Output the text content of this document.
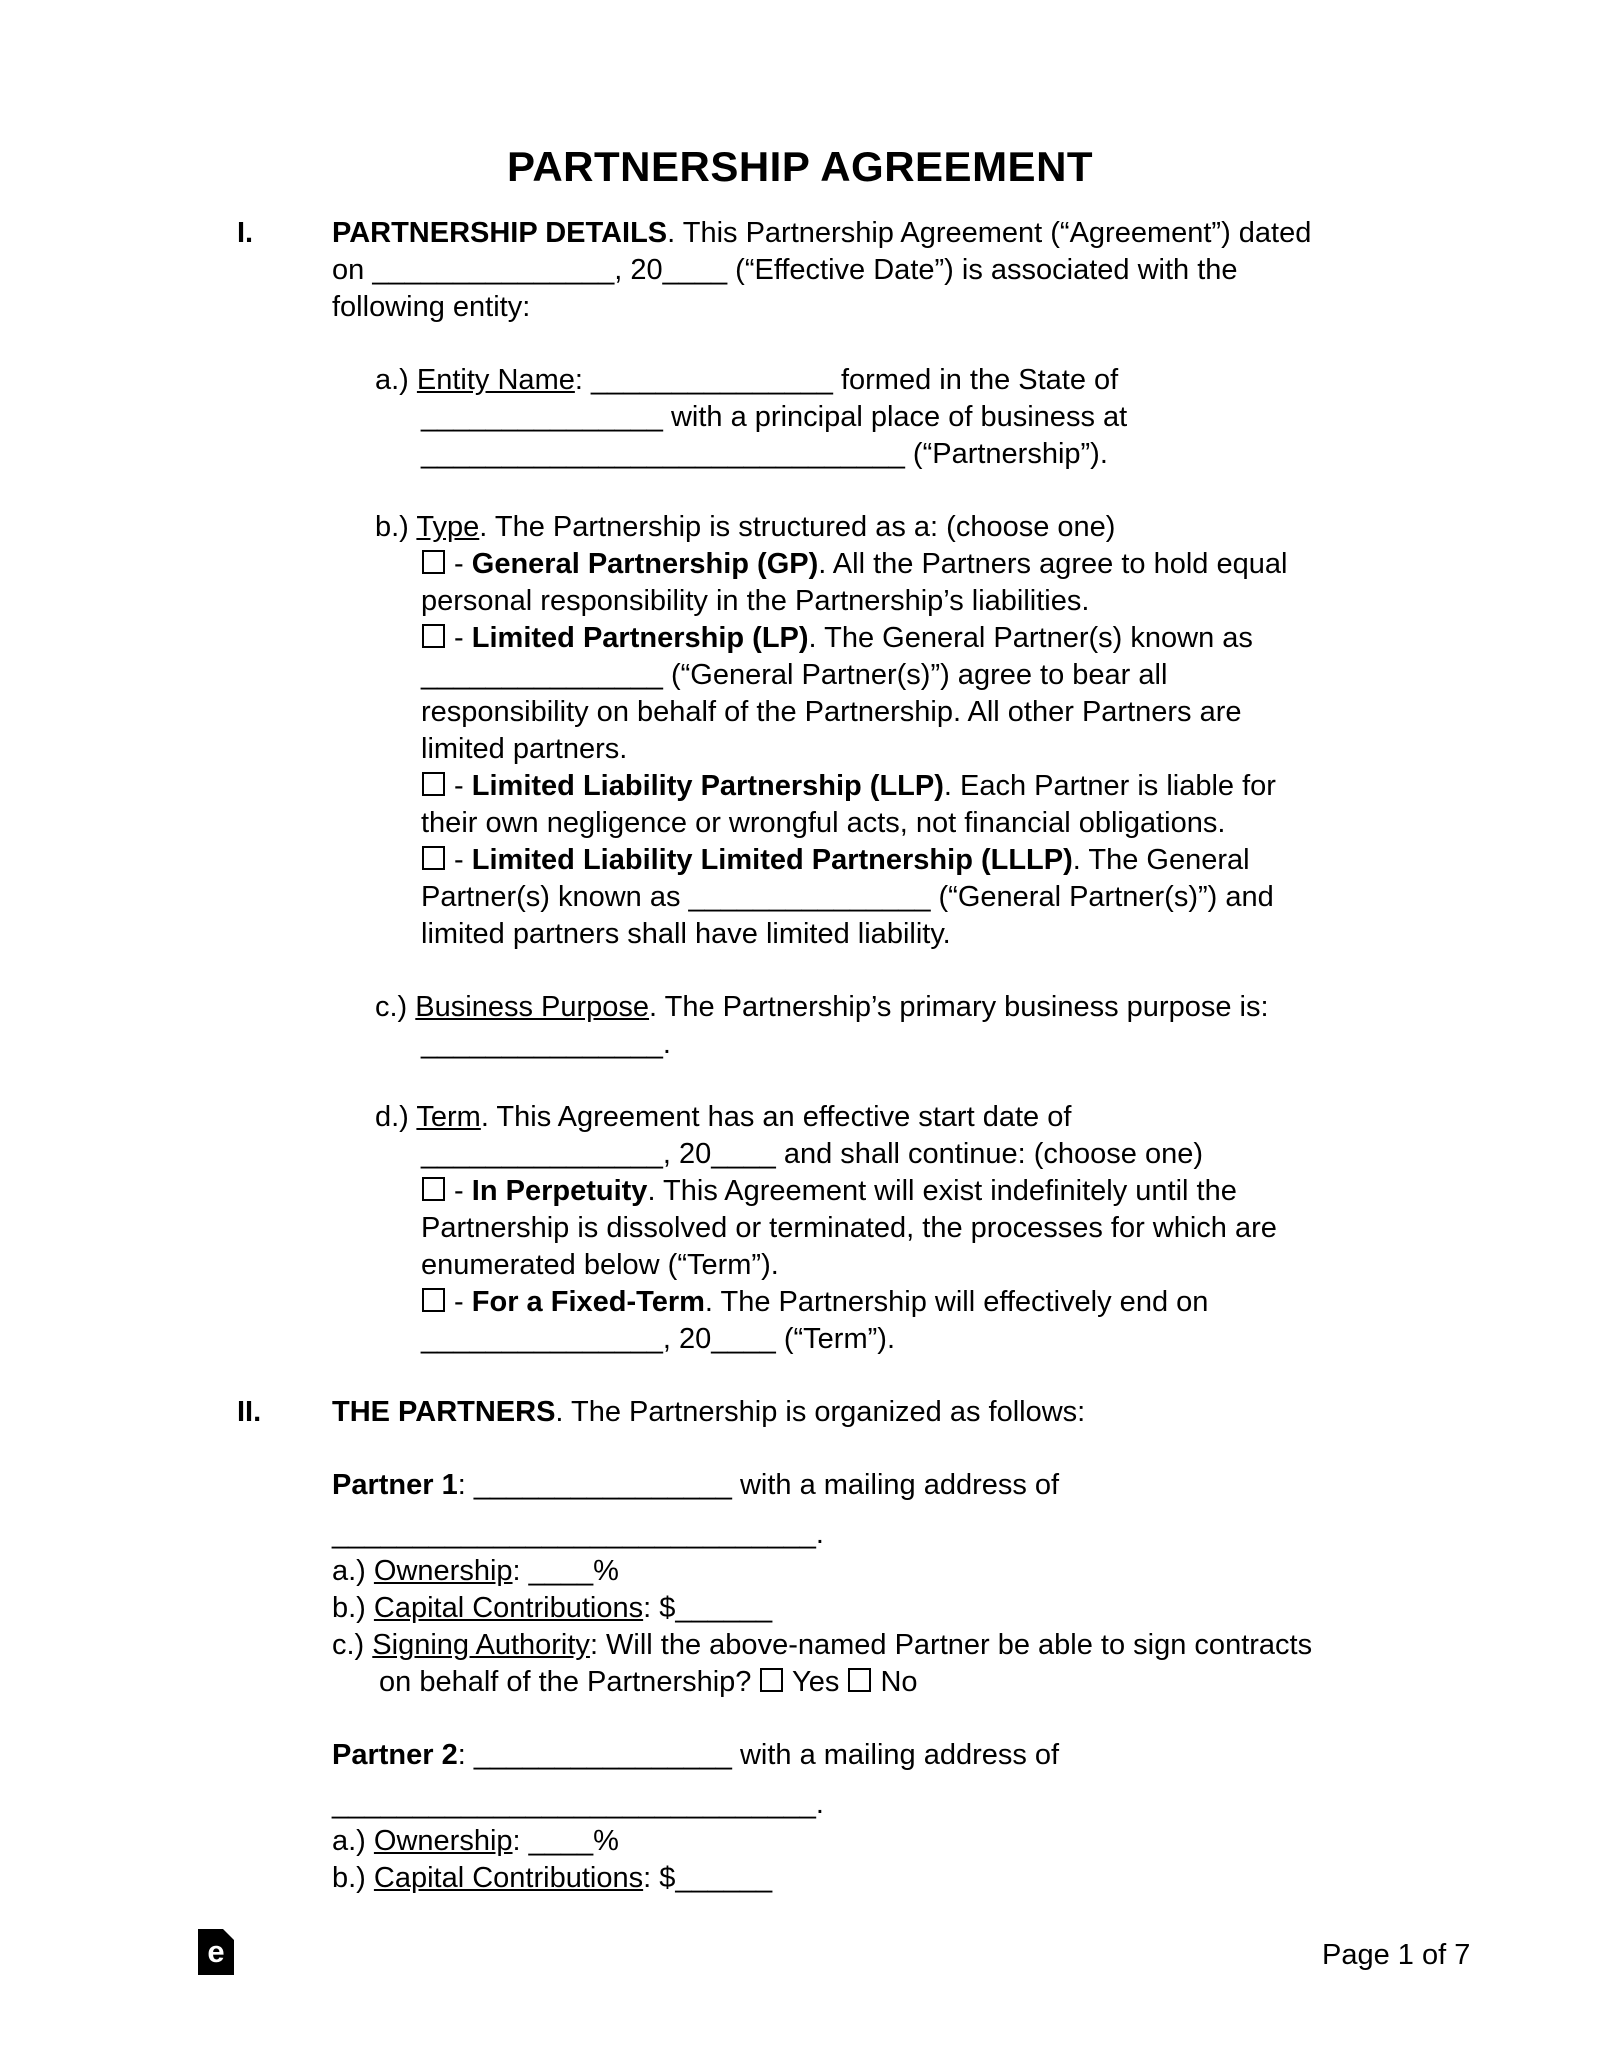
PARTNERSHIP AGREEMENT
I.	PARTNERSHIP DETAILS. This Partnership Agreement (“Agreement”) dated
on _______________, 20____ (“Effective Date”) is associated with the
following entity:
a.) Entity Name: _______________ formed in the State of
_______________ with a principal place of business at
______________________________ (“Partnership”).
b.) Type. The Partnership is structured as a: (choose one)
- General Partnership (GP). All the Partners agree to hold equal
personal responsibility in the Partnership’s liabilities.
- Limited Partnership (LP). The General Partner(s) known as
_______________ (“General Partner(s)”) agree to bear all
responsibility on behalf of the Partnership. All other Partners are
limited partners.
- Limited Liability Partnership (LLP). Each Partner is liable for
their own negligence or wrongful acts, not financial obligations.
- Limited Liability Limited Partnership (LLLP). The General
Partner(s) known as _______________ (“General Partner(s)”) and
limited partners shall have limited liability.
c.) Business Purpose. The Partnership’s primary business purpose is:
_______________.
d.) Term. This Agreement has an effective start date of
_______________, 20____ and shall continue: (choose one)
- In Perpetuity. This Agreement will exist indefinitely until the
Partnership is dissolved or terminated, the processes for which are
enumerated below (“Term”).
- For a Fixed-Term. The Partnership will effectively end on
_______________, 20____ (“Term”).
II. THE PARTNERS. The Partnership is organized as follows:
Partner 1: ________________ with a mailing address of
______________________________.
a.) Ownership: ____%
b.) Capital Contributions: $______
c.) Signing Authority: Will the above-named Partner be able to sign contracts
on behalf of the Partnership?  Yes  No
Partner 2: ________________ with a mailing address of
______________________________.
a.) Ownership: ____%
b.) Capital Contributions: $______
e	Page 1 of 7
